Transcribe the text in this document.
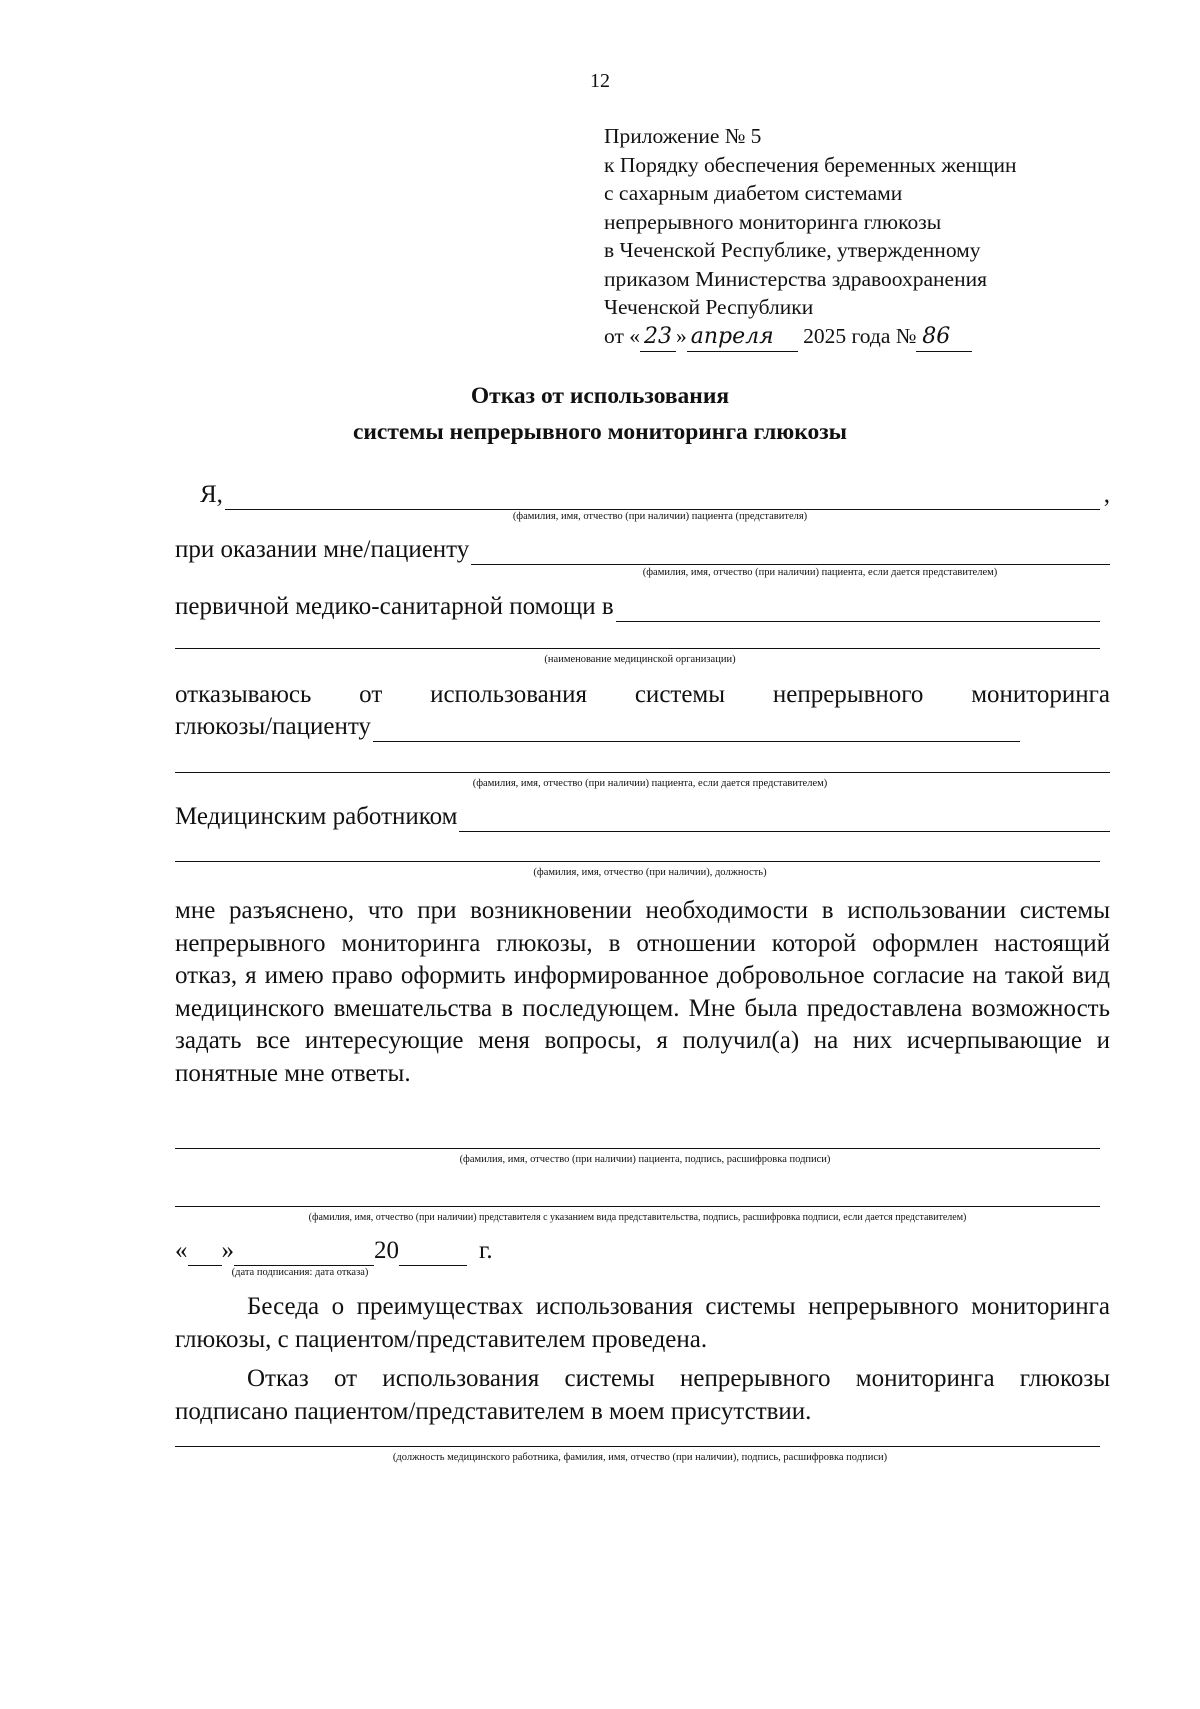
12
Приложение № 5
к Порядку обеспечения беременных женщин
с сахарным диабетом системами
непрерывного мониторинга глюкозы
в Чеченской Республике, утвержденному
приказом Министерства здравоохранения
Чеченской Республики
от « 23 » апреля 2025 года № 86
Отказ от использования
системы непрерывного мониторинга глюкозы
Я,	,
(фамилия, имя, отчество (при наличии) пациента (представителя)
при оказании мне/пациенту
(фамилия, имя, отчество (при наличии) пациента, если дается представителем)
первичной медико-санитарной помощи в
(наименование медицинской организации)
отказываюсь от использования системы непрерывного мониторинга
глюкозы/пациенту
(фамилия, имя, отчество (при наличии) пациента, если дается представителем)
Медицинским работником
(фамилия, имя, отчество (при наличии), должность)
мне разъяснено, что при возникновении необходимости в использовании системы непрерывного мониторинга глюкозы, в отношении которой оформлен настоящий отказ, я имею право оформить информированное добровольное согласие на такой вид медицинского вмешательства в последующем. Мне была предоставлена возможность задать все интересующие меня вопросы, я получил(а) на них исчерпывающие и понятные мне ответы.
(фамилия, имя, отчество (при наличии) пациента, подпись, расшифровка подписи)
(фамилия, имя, отчество (при наличии) представителя с указанием вида представительства, подпись, расшифровка подписи, если дается представителем)
« »	20	г.
(дата подписания: дата отказа)
Беседа о преимуществах использования системы непрерывного мониторинга глюкозы, с пациентом/представителем проведена.
Отказ от использования системы непрерывного мониторинга глюкозы подписано пациентом/представителем в моем присутствии.
(должность медицинского работника, фамилия, имя, отчество (при наличии), подпись, расшифровка подписи)
